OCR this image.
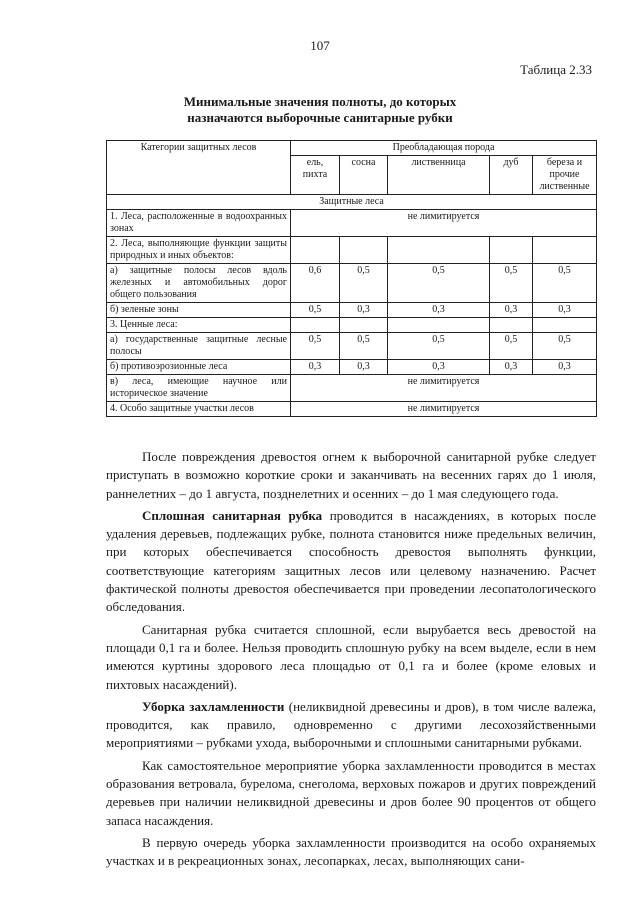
107
Таблица 2.33
Минимальные значения полноты, до которых
назначаются выборочные санитарные рубки
Категории защитных лесов	Преобладающая порода				
	ель, пихта	сосна	лиственница	дуб	береза и прочие лиственные
Защитные леса					
1. Леса, расположенные в водоохранных зонах	не лимитируется				
2. Леса, выполняющие функции защиты природных и иных объектов:					
а) защитные полосы лесов вдоль железных и автомобильных дорог общего пользования	0,6	0,5	0,5	0,5	0,5
б) зеленые зоны	0,5	0,3	0,3	0,3	0,3
3. Ценные леса:					
а) государственные защитные лесные полосы	0,5	0,5	0,5	0,5	0,5
б) противоэрозионные леса	0,3	0,3	0,3	0,3	0,3
в) леса, имеющие научное или историческое значение	не лимитируется				
4. Особо защитные участки лесов	не лимитируется				

После повреждения древостоя огнем к выборочной санитарной рубке следует приступать в возможно короткие сроки и заканчивать на весенних гарях до 1 июля, раннелетних – до 1 августа, позднелетних и осенних – до 1 мая следующего года.

Сплошная санитарная рубка проводится в насаждениях, в которых после удаления деревьев, подлежащих рубке, полнота становится ниже предельных величин, при которых обеспечивается способность древостоя выполнять функции, соответствующие категориям защитных лесов или целевому назначению. Расчет фактической полноты древостоя обеспечивается при проведении лесопатологического обследования.

Санитарная рубка считается сплошной, если вырубается весь древостой на площади 0,1 га и более. Нельзя проводить сплошную рубку на всем выделе, если в нем имеются куртины здорового леса площадью от 0,1 га и более (кроме еловых и пихтовых насаждений).

Уборка захламленности (неликвидной древесины и дров), в том числе валежа, проводится, как правило, одновременно с другими лесохозяйственными мероприятиями – рубками ухода, выборочными и сплошными санитарными рубками.

Как самостоятельное мероприятие уборка захламленности проводится в местах образования ветровала, бурелома, снеголома, верховых пожаров и других повреждений деревьев при наличии неликвидной древесины и дров более 90 процентов от общего запаса насаждения.

В первую очередь уборка захламленности производится на особо охраняемых участках и в рекреационных зонах, лесопарках, лесах, выполняющих сани-
